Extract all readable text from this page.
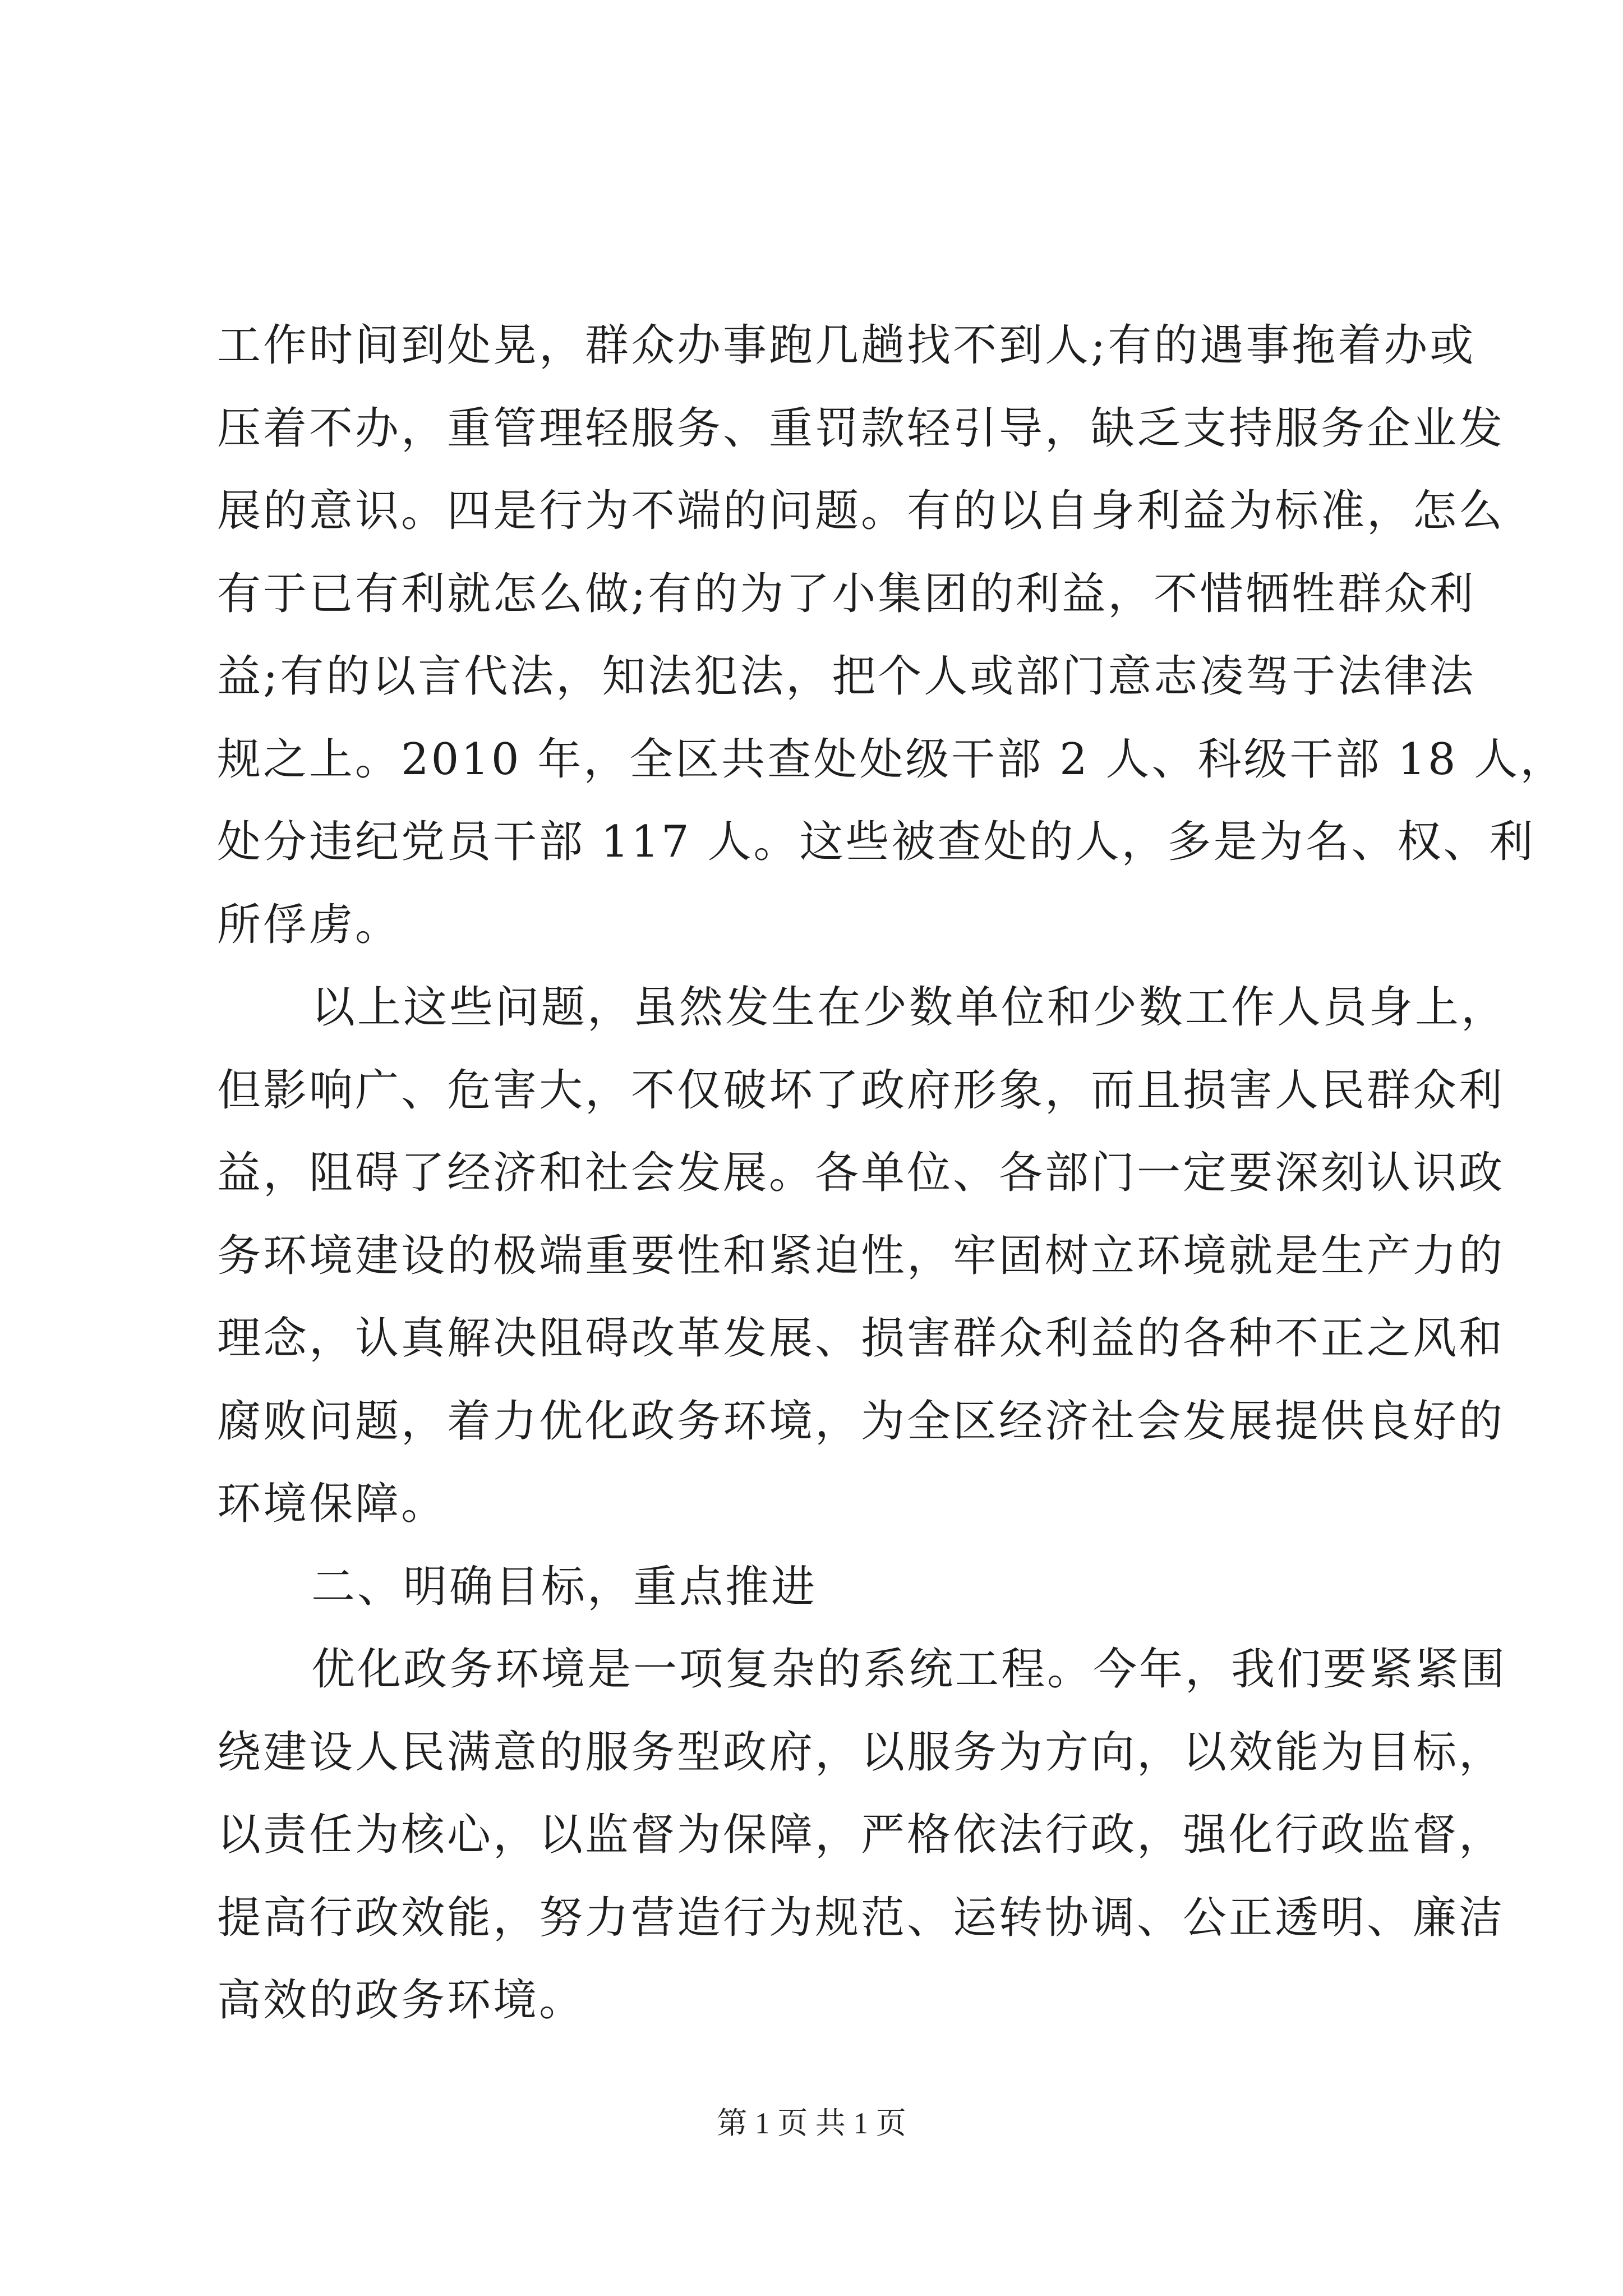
工作时间到处晃，群众办事跑几趟找不到人;有的遇事拖着办或
压着不办，重管理轻服务、重罚款轻引导，缺乏支持服务企业发
展的意识。四是行为不端的问题。有的以自身利益为标准，怎么
有于已有利就怎么做;有的为了小集团的利益，不惜牺牲群众利
益;有的以言代法，知法犯法，把个人或部门意志凌驾于法律法
规之上。2010 年，全区共查处处级干部 2 人、科级干部 18 人，
处分违纪党员干部 117 人。这些被查处的人，多是为名、权、利
所俘虏。
以上这些问题，虽然发生在少数单位和少数工作人员身上，
但影响广、危害大，不仅破坏了政府形象，而且损害人民群众利
益，阻碍了经济和社会发展。各单位、各部门一定要深刻认识政
务环境建设的极端重要性和紧迫性，牢固树立环境就是生产力的
理念，认真解决阻碍改革发展、损害群众利益的各种不正之风和
腐败问题，着力优化政务环境，为全区经济社会发展提供良好的
环境保障。
二、明确目标，重点推进
优化政务环境是一项复杂的系统工程。今年，我们要紧紧围
绕建设人民满意的服务型政府，以服务为方向，以效能为目标，
以责任为核心，以监督为保障，严格依法行政，强化行政监督，
提高行政效能，努力营造行为规范、运转协调、公正透明、廉洁
高效的政务环境。
第 1 页 共 1 页
